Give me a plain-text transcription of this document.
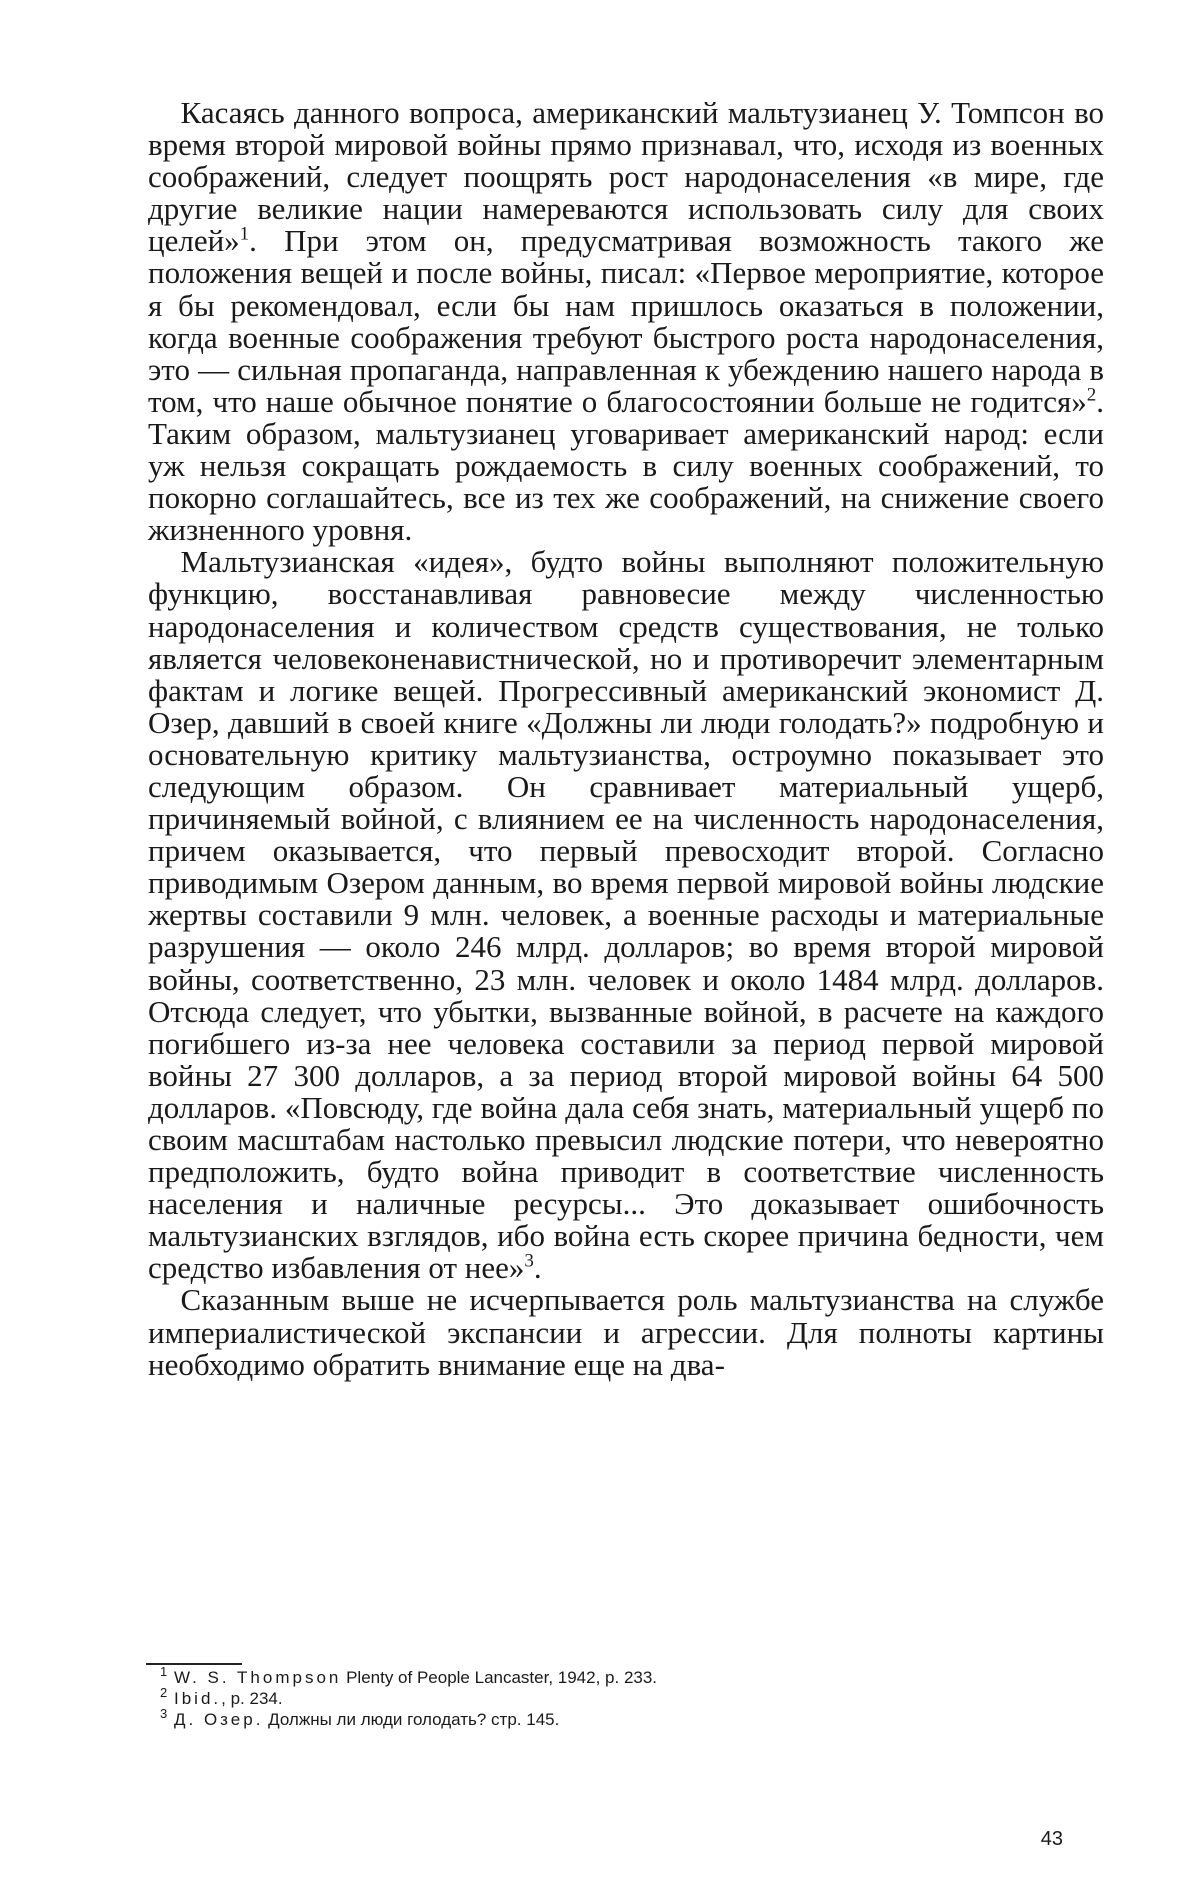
Касаясь данного вопроса, американский мальтузианец У. Томпсон во время второй мировой войны прямо признавал, что, исходя из военных соображений, следует поощрять рост народонаселения «в мире, где другие великие нации намереваются использовать силу для своих целей»$^1$. При этом он, предусматривая возможность такого же положения вещей и после войны, писал: «Первое мероприятие, которое я бы рекомендовал, если бы нам пришлось оказаться в положении, когда военные соображения требуют быстрого роста народонаселения, это — сильная пропаганда, направленная к убеждению нашего народа в том, что наше обычное понятие о благосостоянии больше не годится»$^2$. Таким образом, мальтузианец уговаривает американский народ: если уж нельзя сокращать рождаемость в силу военных соображений, то покорно соглашайтесь, все из тех же соображений, на снижение своего жизненного уровня.

Мальтузианская «идея», будто войны выполняют положительную функцию, восстанавливая равновесие между численностью народонаселения и количеством средств существования, не только является человеконенавистнической, но и противоречит элементарным фактам и логике вещей. Прогрессивный американский экономист Д. Озер, давший в своей книге «Должны ли люди голодать?» подробную и основательную критику мальтузианства, остроумно показывает это следующим образом. Он сравнивает материальный ущерб, причиняемый войной, с влиянием ее на численность народонаселения, причем оказывается, что первый превосходит второй. Согласно приводимым Озером данным, во время первой мировой войны людские жертвы составили 9 млн. человек, а военные расходы и материальные разрушения — около 246 млрд. долларов; во время второй мировой войны, соответственно, 23 млн. человек и около 1484 млрд. долларов. Отсюда следует, что убытки, вызванные войной, в расчете на каждого погибшего из-за нее человека составили за период первой мировой войны 27 300 долларов, а за период второй мировой войны 64 500 долларов. «Повсюду, где война дала себя знать, материальный ущерб по своим масштабам настолько превысил людские потери, что невероятно предположить, будто война приводит в соответствие численность населения и наличные ресурсы... Это доказывает ошибочность мальтузианских взглядов, ибо война есть скорее причина бедности, чем средство избавления от нее»$^3$.

Сказанным выше не исчерпывается роль мальтузианства на службе империалистической экспансии и агрессии. Для полноты картины необходимо обратить внимание еще на два-

1 W. S. Thompson Plenty of People Lancaster, 1942, p. 233.

2 Ibid., p. 234.

3 Д. Озер. Должны ли люди голодать? стр. 145.

43
